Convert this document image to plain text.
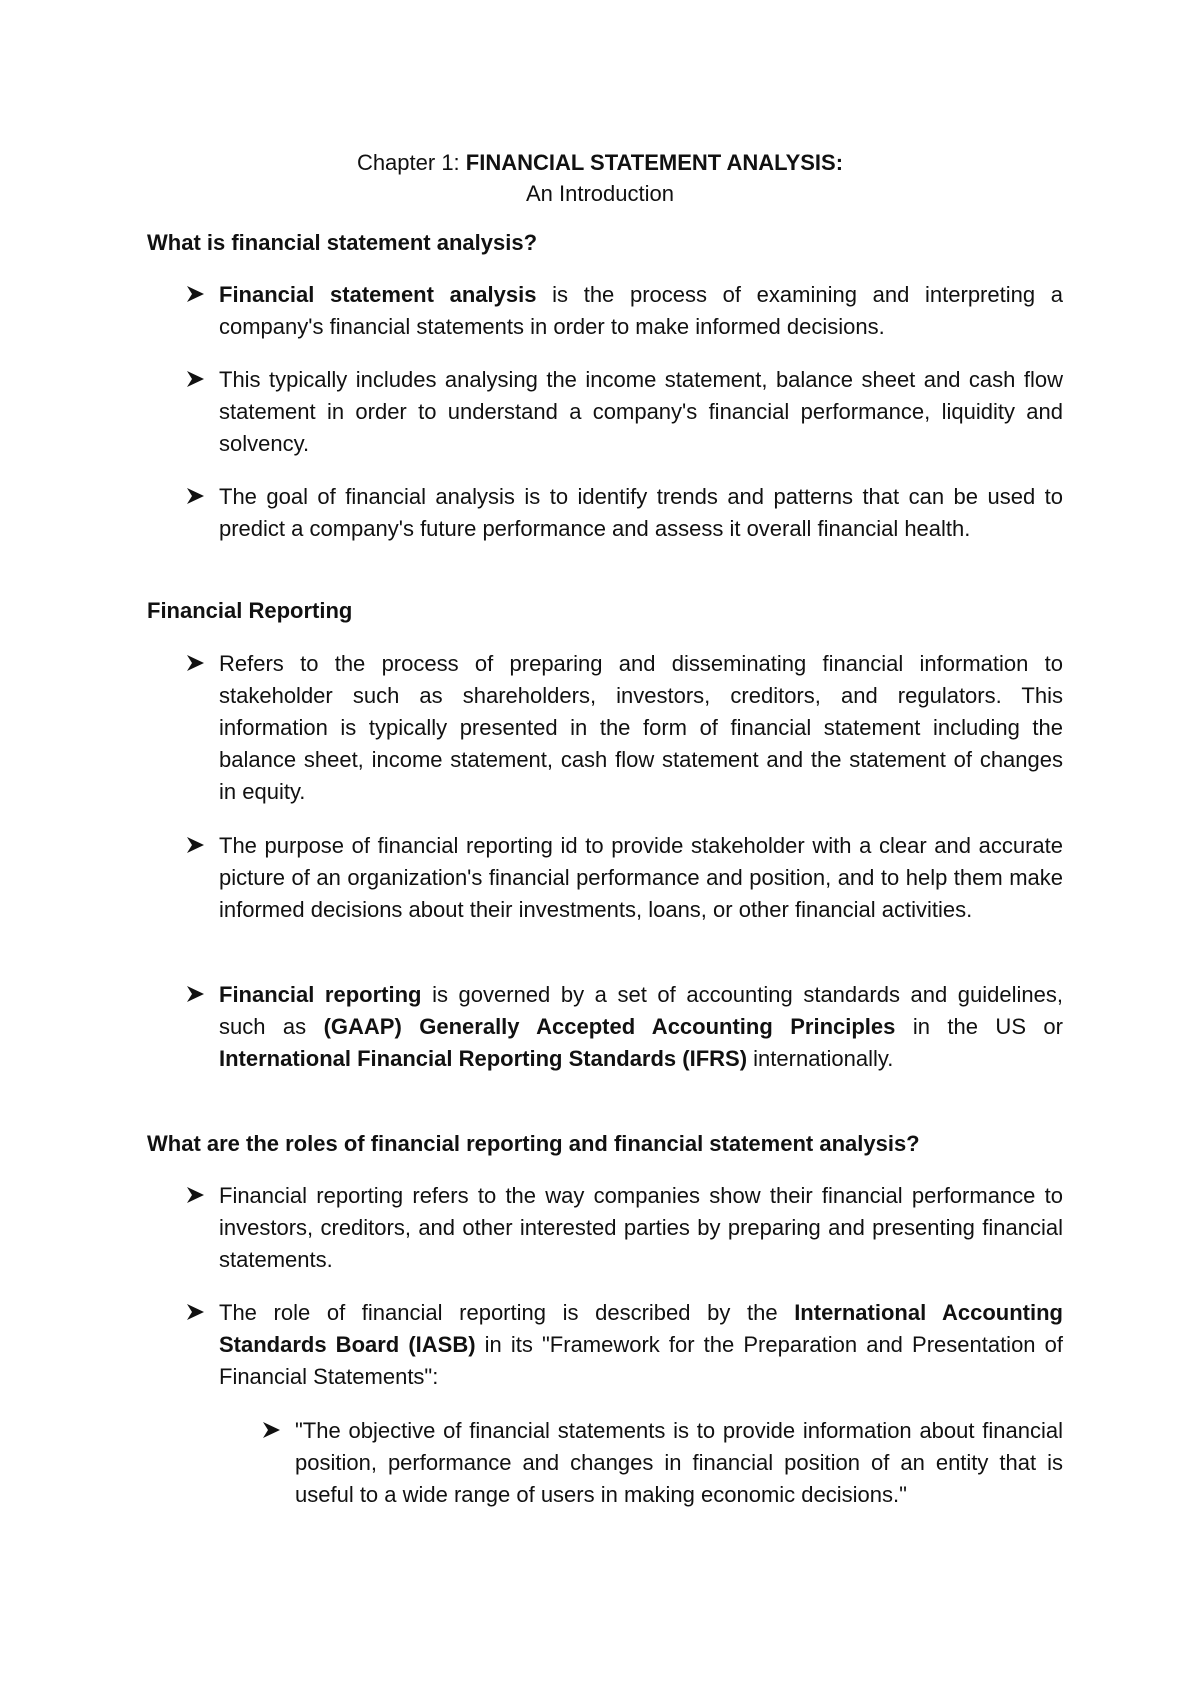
Chapter 1: FINANCIAL STATEMENT ANALYSIS:
An Introduction
What is financial statement analysis?
Financial statement analysis is the process of examining and interpreting a company's financial statements in order to make informed decisions.
This typically includes analysing the income statement, balance sheet and cash flow statement in order to understand a company's financial performance, liquidity and solvency.
The goal of financial analysis is to identify trends and patterns that can be used to predict a company's future performance and assess it overall financial health.
Financial Reporting
Refers to the process of preparing and disseminating financial information to stakeholder such as shareholders, investors, creditors, and regulators. This information is typically presented in the form of financial statement including the balance sheet, income statement, cash flow statement and the statement of changes in equity.
The purpose of financial reporting id to provide stakeholder with a clear and accurate picture of an organization's financial performance and position, and to help them make informed decisions about their investments, loans, or other financial activities.
Financial reporting is governed by a set of accounting standards and guidelines, such as (GAAP) Generally Accepted Accounting Principles in the US or International Financial Reporting Standards (IFRS) internationally.
What are the roles of financial reporting and financial statement analysis?
Financial reporting refers to the way companies show their financial performance to investors, creditors, and other interested parties by preparing and presenting financial statements.
The role of financial reporting is described by the International Accounting Standards Board (IASB) in its "Framework for the Preparation and Presentation of Financial Statements":
"The objective of financial statements is to provide information about financial position, performance and changes in financial position of an entity that is useful to a wide range of users in making economic decisions."
